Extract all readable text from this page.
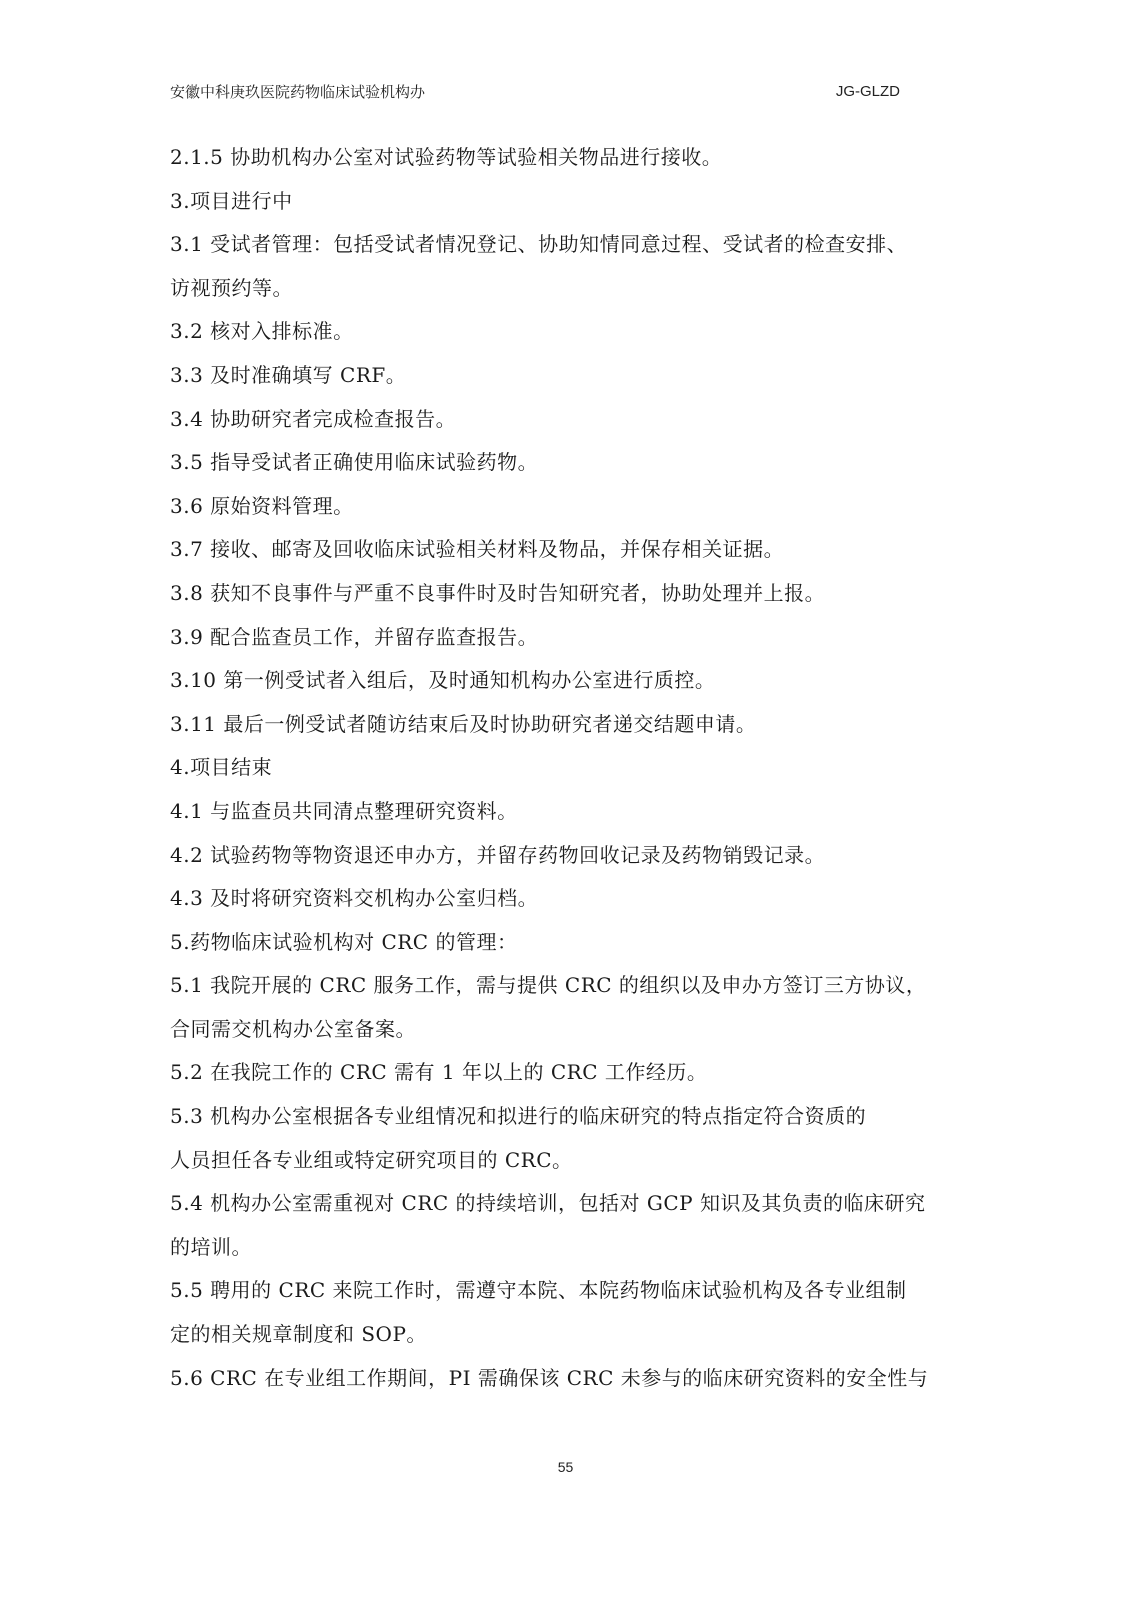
安徽中科庚玖医院药物临床试验机构办	JG-GLZD
2.1.5 协助机构办公室对试验药物等试验相关物品进行接收。
3.项目进行中
3.1 受试者管理：包括受试者情况登记、协助知情同意过程、受试者的检查安排、
访视预约等。
3.2 核对入排标准。
3.3 及时准确填写 CRF。
3.4 协助研究者完成检查报告。
3.5 指导受试者正确使用临床试验药物。
3.6 原始资料管理。
3.7 接收、邮寄及回收临床试验相关材料及物品，并保存相关证据。
3.8 获知不良事件与严重不良事件时及时告知研究者，协助处理并上报。
3.9 配合监查员工作，并留存监查报告。
3.10 第一例受试者入组后，及时通知机构办公室进行质控。
3.11 最后一例受试者随访结束后及时协助研究者递交结题申请。
4.项目结束
4.1 与监查员共同清点整理研究资料。
4.2 试验药物等物资退还申办方，并留存药物回收记录及药物销毁记录。
4.3 及时将研究资料交机构办公室归档。
5.药物临床试验机构对 CRC 的管理：
5.1 我院开展的 CRC 服务工作，需与提供 CRC 的组织以及申办方签订三方协议，
合同需交机构办公室备案。
5.2 在我院工作的 CRC 需有 1 年以上的 CRC 工作经历。
5.3 机构办公室根据各专业组情况和拟进行的临床研究的特点指定符合资质的
人员担任各专业组或特定研究项目的 CRC。
5.4 机构办公室需重视对 CRC 的持续培训，包括对 GCP 知识及其负责的临床研究
的培训。
5.5 聘用的 CRC 来院工作时，需遵守本院、本院药物临床试验机构及各专业组制
定的相关规章制度和 SOP。
5.6 CRC 在专业组工作期间，PI 需确保该 CRC 未参与的临床研究资料的安全性与
55
